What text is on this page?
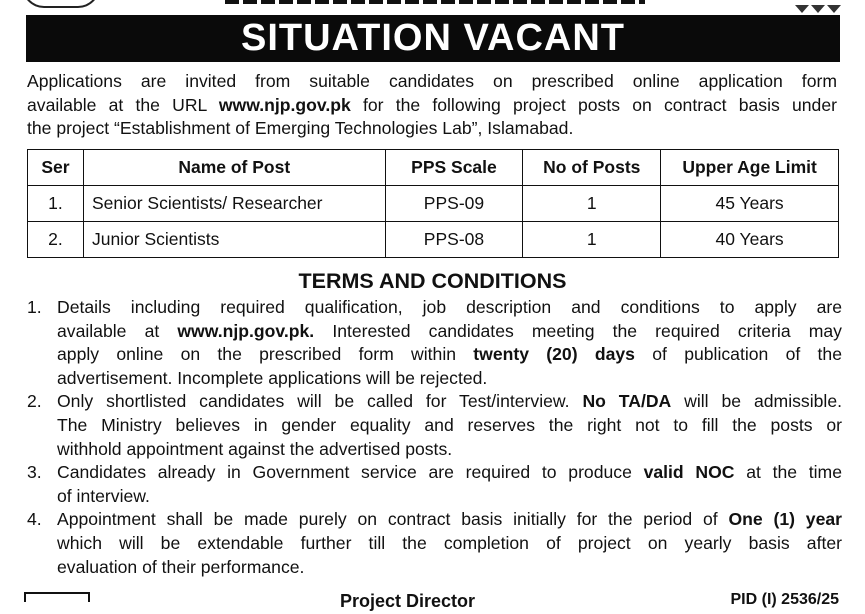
SITUATION VACANT
Applications are invited from suitable candidates on prescribed online application form
available at the URL www.njp.gov.pk for the following project posts on contract basis under
the project “Establishment of Emerging Technologies Lab”, Islamabad.
Ser	Name of Post	PPS Scale	No of Posts	Upper Age Limit
1.	Senior Scientists/ Researcher	PPS-09	1	45 Years
2.	Junior Scientists	PPS-08	1	40 Years
TERMS AND CONDITIONS
1. Details including required qualification, job description and conditions to apply are
available at www.njp.gov.pk. Interested candidates meeting the required criteria may
apply online on the prescribed form within twenty (20) days of publication of the
advertisement. Incomplete applications will be rejected.
2. Only shortlisted candidates will be called for Test/interview. No TA/DA will be admissible.
The Ministry believes in gender equality and reserves the right not to fill the posts or
withhold appointment against the advertised posts.
3. Candidates already in Government service are required to produce valid NOC at the time
of interview.
4. Appointment shall be made purely on contract basis initially for the period of One (1) year
which will be extendable further till the completion of project on yearly basis after
evaluation of their performance.
Project Director	PID (I) 2536/25
